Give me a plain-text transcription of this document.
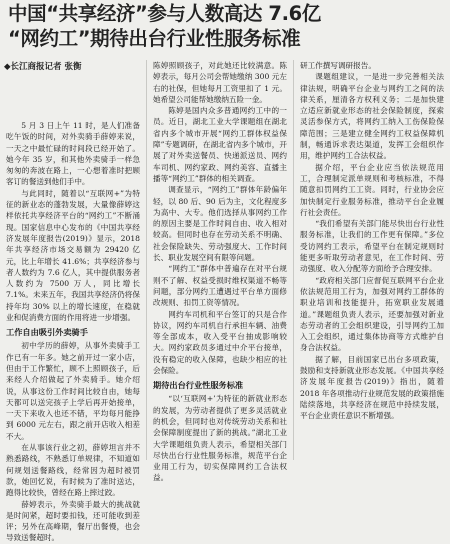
中国“共享经济”参与人数高达 7.6亿
“网约工”期待出台行业性服务标准
◆长江商报记者 张衡

5 月 3 日上午 11 时，是人们准备吃午饭的时间，对外卖骑手薛婷来说，一天之中最忙碌的时间段已经开始了。她今年 35 岁，和其他外卖骑手一样急匆匆的奔波在路上，一心想着准时把顾客订的餐送到他们手中。

与此同时，随着以“互联网+”为特征的新业态的蓬勃发展，大量像薛婷这样依托共享经济平台的“网约工”不断涌现。国家信息中心发布的《中国共享经济发展年度报告(2019)》显示，2018 年共享经济市场交易额为 29420 亿元，比上年增长 41.6%；共享经济参与者人数约为 7.6 亿人，其中提供服务者人数约为 7500 万人，同比增长 7.1%。未来五年，我国共享经济仍将保持年均 30% 以上的增长速度，在稳就业和促消费方面的作用将进一步增强。

工作自由吸引外卖骑手

初中学历的薛婷，从事外卖骑手工作已有一年多。她之前开过一家小店，但由于工作繁忙，顾不上照顾孩子，后来经人介绍做起了外卖骑手。她介绍说，从事这份工作时间比较自由，她每天都可以送完孩子上学后再开始接单，一天下来收入也还不错，平均每月能挣到 6000 元左右，跟之前开店收入相差不大。

在从事该行业之初，薛婷坦言并不熟悉路线，不熟悉订单规律，不知道如何规划送餐路线，经常因为超时被罚款，她回忆说，有时候为了准时送达，跑得比较快，曾经在路上摔过跤。

薛婷表示，外卖骑手最大的挑战就是时间紧，超时要扣钱，还可能收到差评；另外在高峰期，餐厅出餐慢，也会导致送餐超时。

陈婷照顾孩子，对此她还比较满意。陈婷表示，每月公司会帮她缴纳 300 元左右的社保，但她每月工资里扣了 1 元。她希望公司能帮她缴纳五险一金。

陈婷是国内众多普通网约工中的一员。近日，湖北工业大学课题组在湖北省内多个城市开展“网约工群体权益保障”专题调研，在湖北省内多个城市，开展了对外卖送餐员、快递派送员、网约车司机、网约家政、网约美容、直播主播等“网约工”群体的相关调查。

调查显示，“网约工”群体年龄偏年轻，以 80 后、90 后为主，文化程度多为高中、大专。他们选择从事网约工作的原因主要是工作时间自由、收入相对较高。但同时也存在劳动关系不明确、社会保险缺失、劳动强度大、工作时间长、职业发展空间有限等问题。

“网约工”群体中普遍存在对平台规则不了解、权益受损时维权渠道不畅等问题，部分网约工遭遇过平台单方面修改规则、扣罚工资等情况。

网约车司机和平台签订的只是合作协议，网约车司机自行承担车辆、油费等全部成本，收入受平台抽成影响较大。网约家政员多通过中介平台接单，没有稳定的收入保障，也缺少相应的社会保险。

期待出台行业性服务标准

“以‘互联网+’为特征的新就业形态的发展，为劳动者提供了更多灵活就业的机会，但同时也对传统劳动关系和社会保障制度提出了新的挑战。”湖北工业大学课题组负责人表示，希望相关部门尽快出台行业性服务标准，规范平台企业用工行为，切实保障网约工合法权益。

研工作撰写调研报告。

课题组建议，一是进一步完善相关法律法规，明确平台企业与网约工之间的法律关系，厘清各方权利义务；二是加快建立适应新就业形态的社会保险制度，探索灵活参保方式，将网约工纳入工伤保险保障范围；三是建立健全网约工权益保障机制，畅通诉求表达渠道，发挥工会组织作用，维护网约工合法权益。

据介绍，平台企业应当依法规范用工，合理制定派单规则和考核标准，不得随意扣罚网约工工资。同时，行业协会应加快制定行业服务标准，推动平台企业履行社会责任。

“我们希望有关部门能尽快出台行业性服务标准，让我们的工作更有保障。”多位受访网约工表示，希望平台在制定规则时能更多听取劳动者意见，在工作时间、劳动强度、收入分配等方面给予合理安排。

“政府相关部门应督促互联网平台企业依法规范用工行为，加强对网约工群体的职业培训和技能提升，拓宽职业发展通道。”课题组负责人表示，还要加强对新业态劳动者的工会组织建设，引导网约工加入工会组织，通过集体协商等方式维护自身合法权益。

据了解，目前国家已出台多项政策，鼓励和支持新就业形态发展。《中国共享经济发展年度报告(2019)》指出，随着 2018 年各项推动行业规范发展的政策措施陆续落地，共享经济在规范中持续发展，平台企业责任意识不断增强。
